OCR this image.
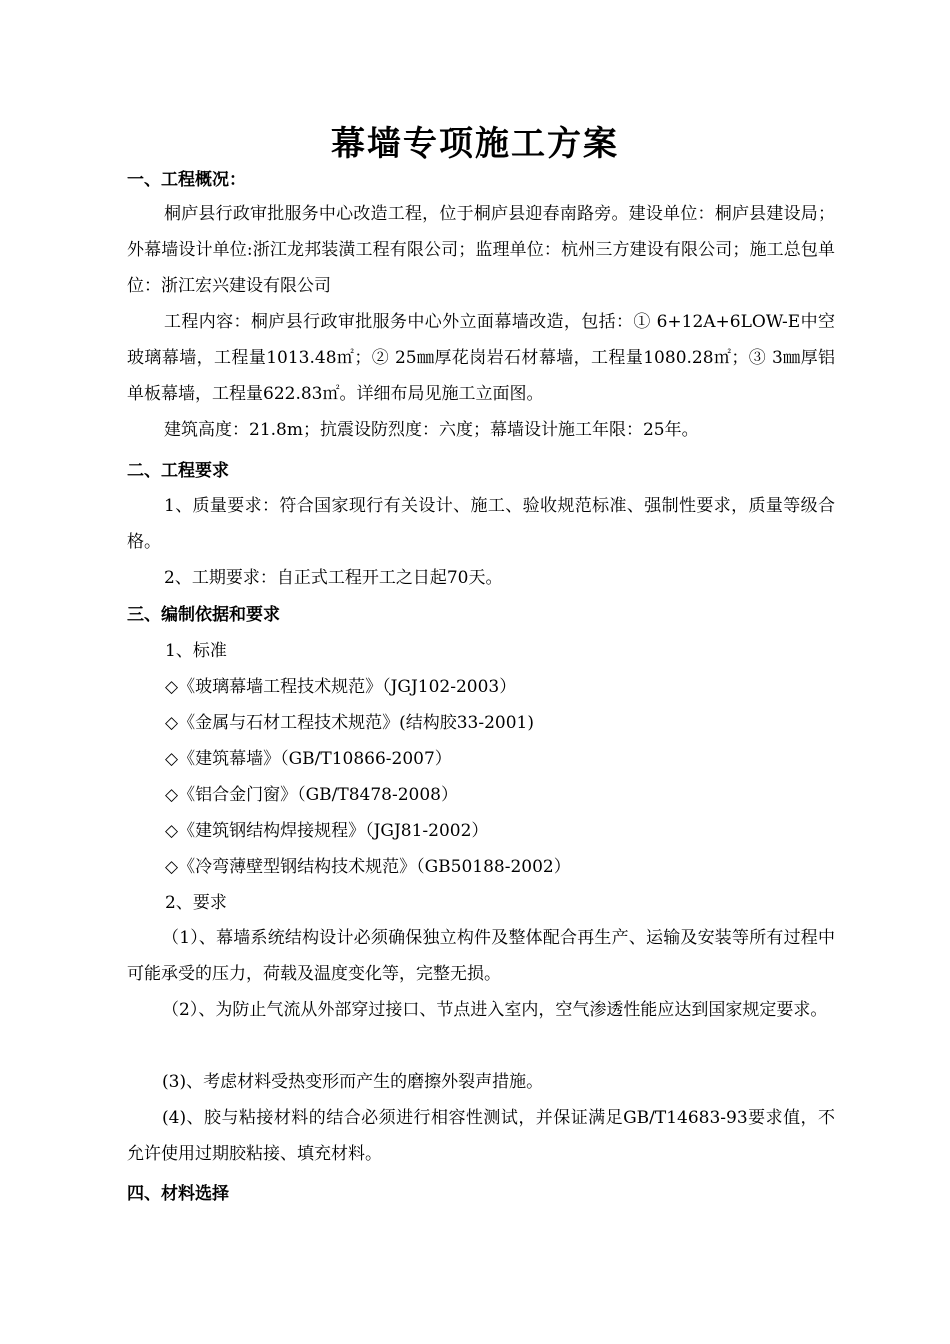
幕墙专项施工方案
一、工程概况：
桐庐县行政审批服务中心改造工程，位于桐庐县迎春南路旁。建设单位：桐庐县建设局；外幕墙设计单位:浙江龙邦装潢工程有限公司；监理单位：杭州三方建设有限公司；施工总包单位：浙江宏兴建设有限公司
工程内容：桐庐县行政审批服务中心外立面幕墙改造，包括：① 6+12A+6LOW-E中空玻璃幕墙，工程量1013.48㎡；② 25㎜厚花岗岩石材幕墙，工程量1080.28㎡；③ 3㎜厚铝单板幕墙，工程量622.83㎡。详细布局见施工立面图。
建筑高度：21.8m；抗震设防烈度：六度；幕墙设计施工年限：25年。
二、工程要求
1、质量要求：符合国家现行有关设计、施工、验收规范标准、强制性要求，质量等级合格。
2、工期要求：自正式工程开工之日起70天。
三、编制依据和要求
1、标准
◇《玻璃幕墙工程技术规范》（JGJ102-2003）
◇《金属与石材工程技术规范》(结构胶33-2001)
◇《建筑幕墙》（GB/T10866-2007）
◇《铝合金门窗》（GB/T8478-2008）
◇《建筑钢结构焊接规程》（JGJ81-2002）
◇《冷弯薄壁型钢结构技术规范》（GB50188-2002）
2、要求
（1）、幕墙系统结构设计必须确保独立构件及整体配合再生产、运输及安装等所有过程中可能承受的压力，荷载及温度变化等，完整无损。
（2）、为防止气流从外部穿过接口、节点进入室内，空气渗透性能应达到国家规定要求。
(3)、考虑材料受热变形而产生的磨擦外裂声措施。
(4)、胶与粘接材料的结合必须进行相容性测试，并保证满足GB/T14683-93要求值，不允许使用过期胶粘接、填充材料。
四、材料选择
